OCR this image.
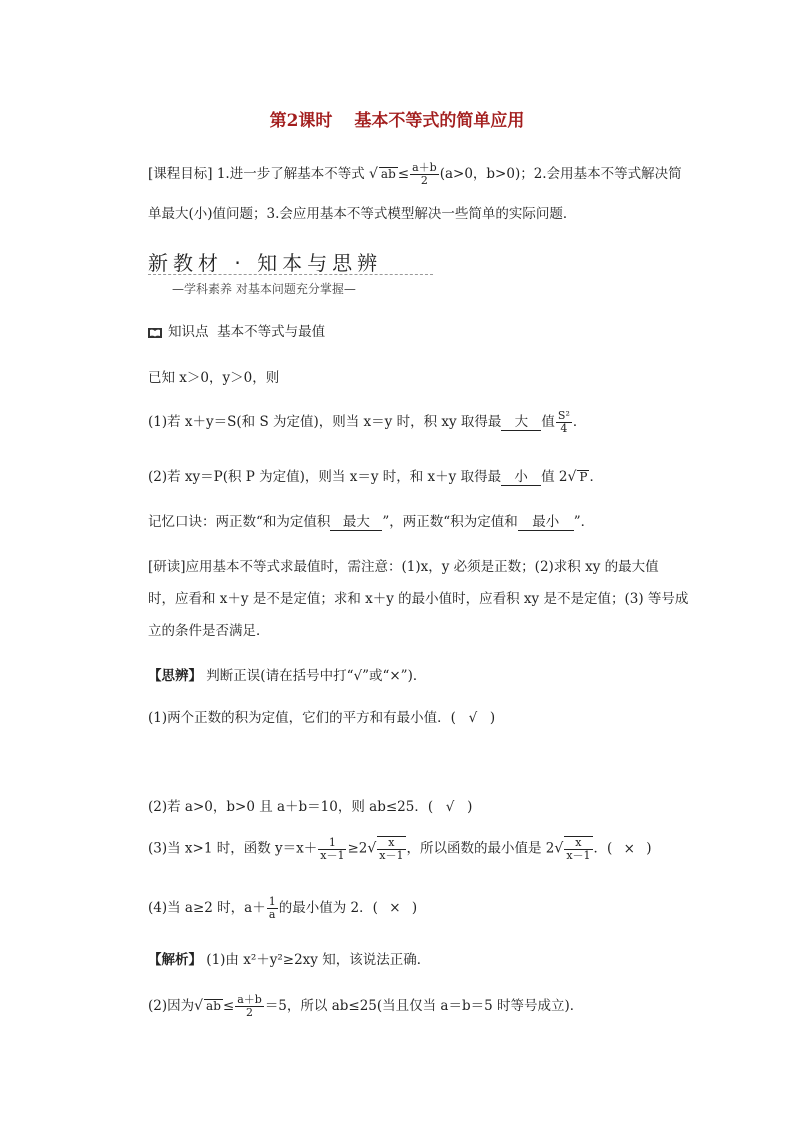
第2课时 基本不等式的简单应用
[课程目标] 1.进一步了解基本不等式 √ ab ≤ $\frac{a+b}{2} (a>0$，b>0)；2.会用基本不等式解决简
单最大(小)值问题；3.会应用基本不等式模型解决一些简单的实际问题．
新教材 · 知本与思辨
—学科素养 对基本问题充分掌握—
知识点 基本不等式与最值
已知 x＞0，y＞0，则
(1)若 x＋y＝S(和 S 为定值)，则当 x＝y 时，积 xy 取得最 大 值 $\frac{\text{S²}}{4}$ ．
(2)若 xy＝P(积 P 为定值)，则当 x＝y 时，和 x＋y 取得最 小 值 2√ P ．
记忆口诀：两正数“和为定值积 最大 ”，两正数“积为定值和 最小 ”．
[研读]应用基本不等式求最值时，需注意：(1)x，y 必须是正数；(2)求积 xy 的最大值
时，应看和 x＋y 是不是定值；求和 x＋y 的最小值时，应看积 xy 是不是定值；(3) 等号成
立的条件是否满足．
【思辨】 判断正误(请在括号中打“√”或“×”)．
(1)两个正数的积为定值，它们的平方和有最小值．( √ )
(2)若 a>0，b>0 且 a＋b＝10，则 ab≤25．( √ )
(3)当 x>1 时，函数 $y=x+ \frac{1}{x-1} \ge 2√ \frac{x}{x-1}$ ，所以函数的最小值是 $2√ \frac{x}{x-1}$ ．( × )
(4)当 a≥2 时，$a+ \frac{1}{a}$ 的最小值为 2．( × )
【解析】 (1)由 x²＋y²≥2xy 知，该说法正确．
(2)因为√ ab ≤ $\frac{a+b}{2} =5$，所以 ab≤25(当且仅当 a＝b＝5 时等号成立)．
